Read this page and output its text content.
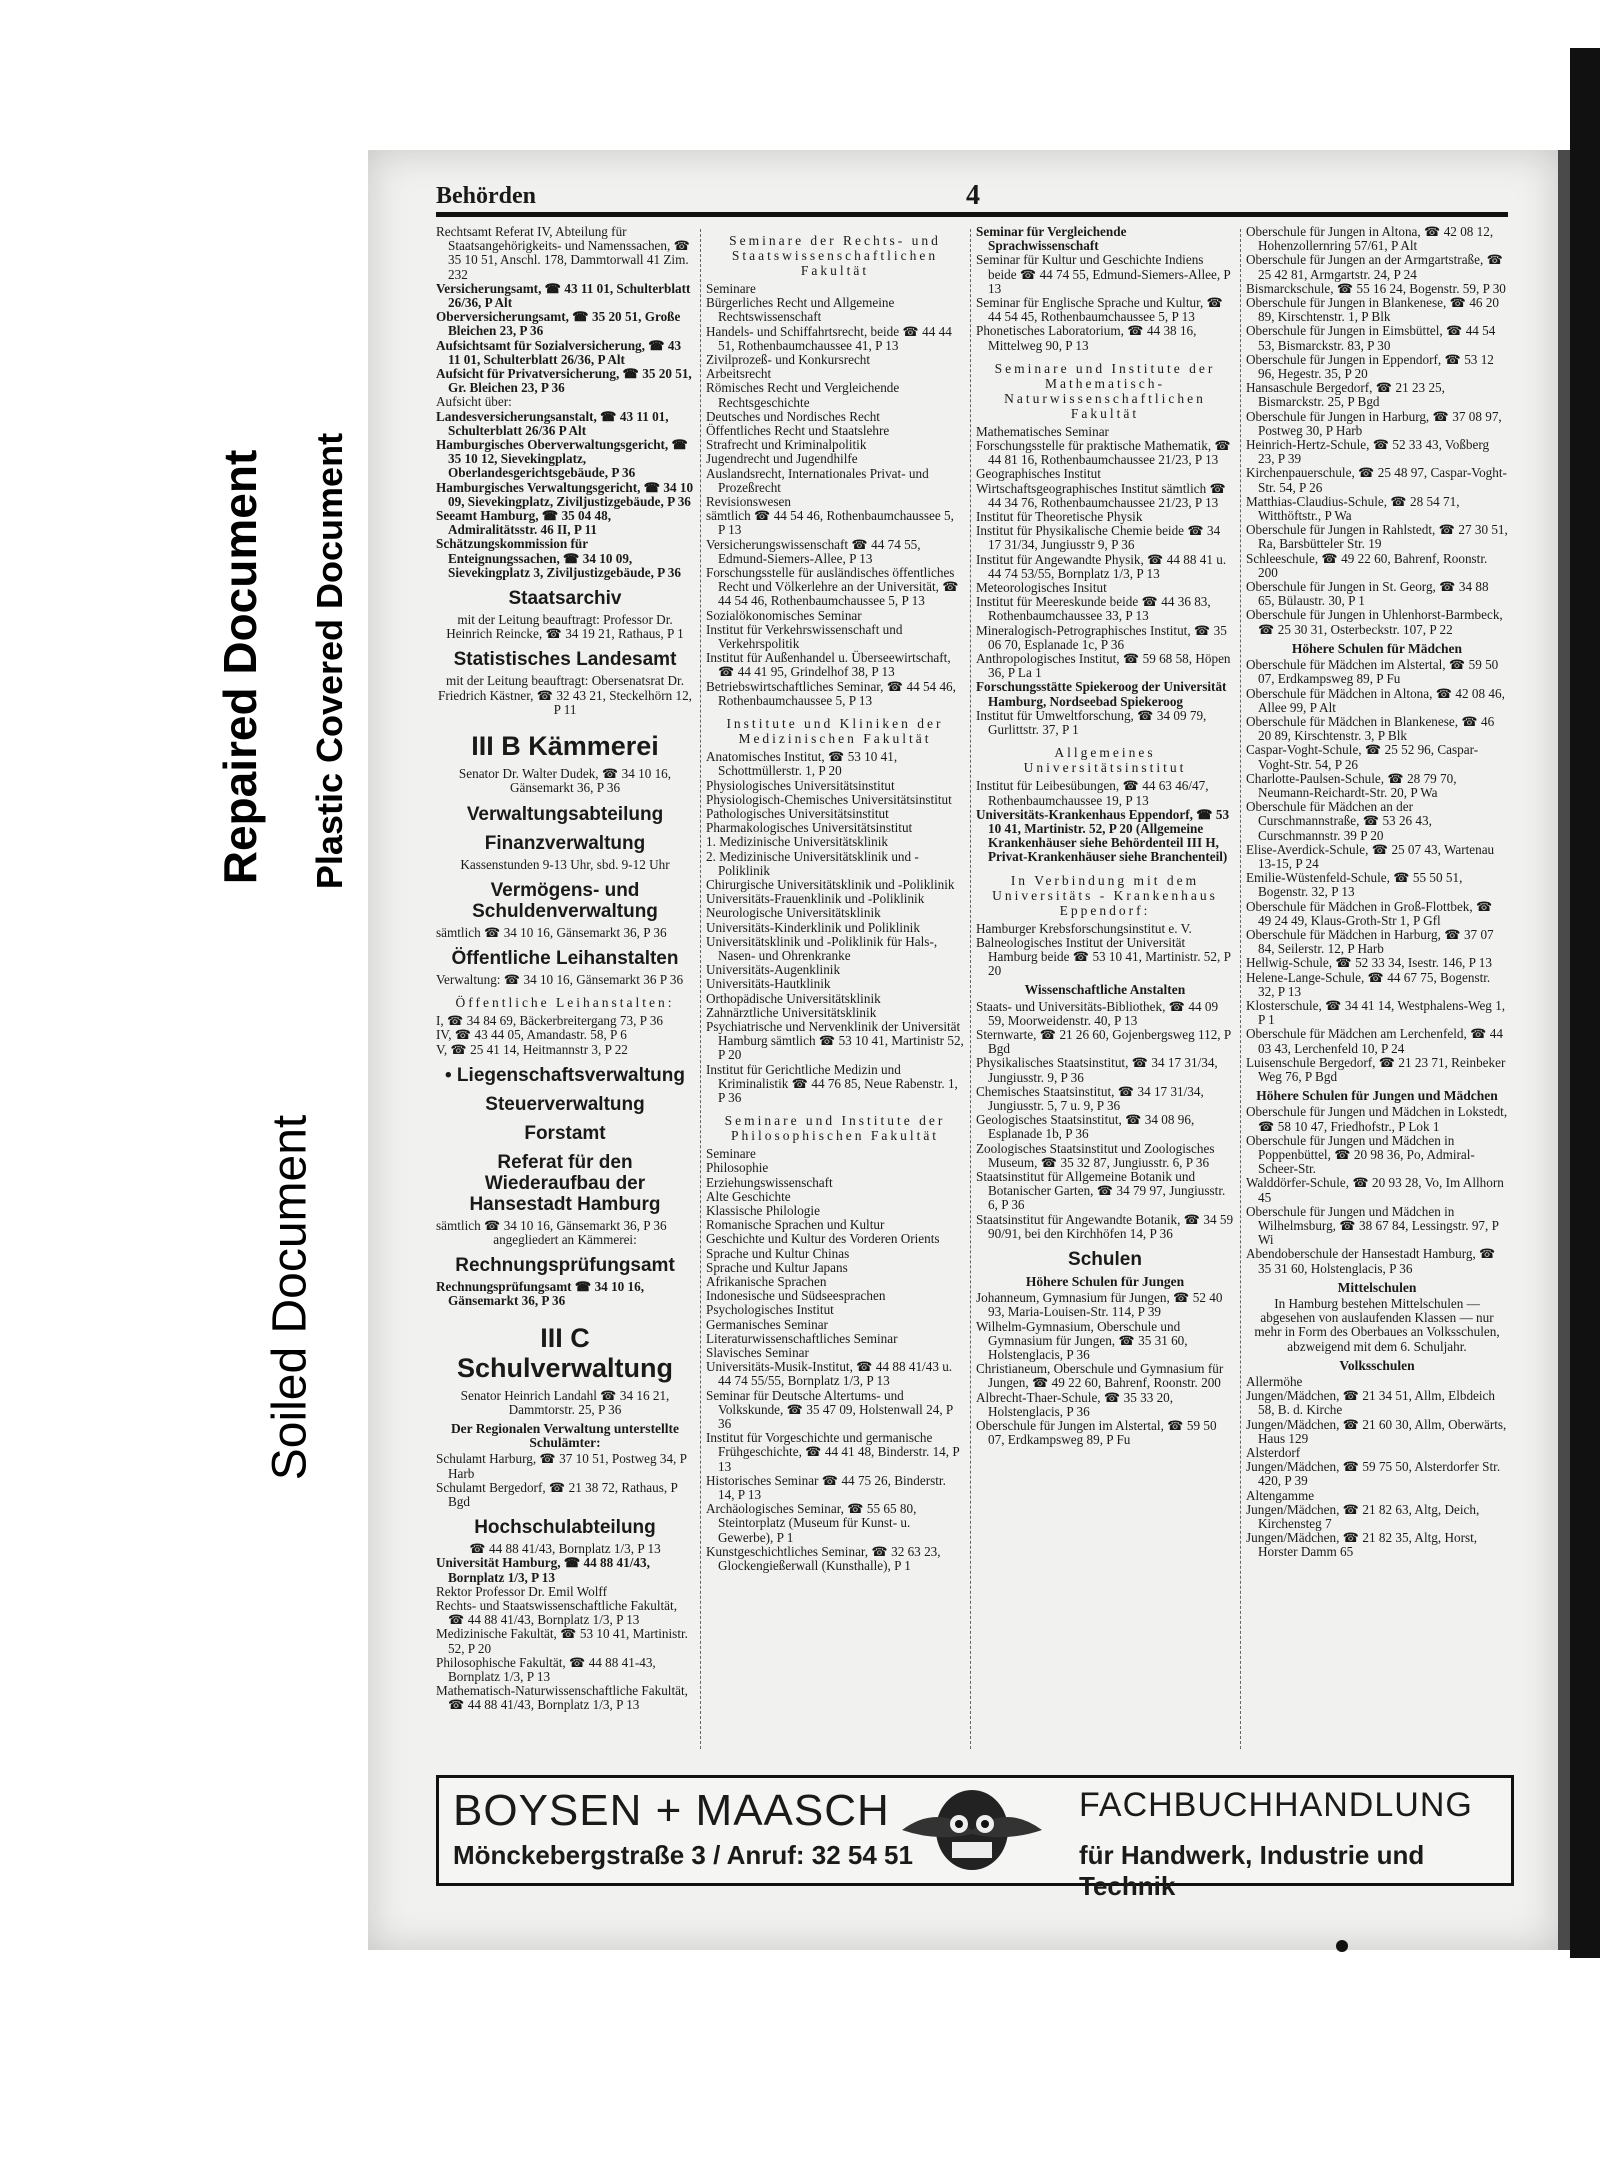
Repaired Document Plastic Covered Document
Soiled Document
Behörden	4

Rechtsamt Referat IV, Abteilung für Staatsangehörigkeits- und Namenssachen, ☎ 35 10 51, Anschl. 178, Dammtorwall 41 Zim. 232

Versicherungsamt, ☎ 43 11 01, Schulterblatt 26/36, P Alt

Oberversicherungsamt, ☎ 35 20 51, Große Bleichen 23, P 36

Aufsichtsamt für Sozialversicherung, ☎ 43 11 01, Schulterblatt 26/36, P Alt

Aufsicht für Privatversicherung, ☎ 35 20 51, Gr. Bleichen 23, P 36

Aufsicht über:

Landesversicherungsanstalt, ☎ 43 11 01, Schulterblatt 26/36 P Alt

Hamburgisches Oberverwaltungsgericht, ☎ 35 10 12, Sievekingplatz, Oberlandesgerichtsgebäude, P 36

Hamburgisches Verwaltungsgericht, ☎ 34 10 09, Sievekingplatz, Ziviljustizgebäude, P 36

Seeamt Hamburg, ☎ 35 04 48, Admiralitätsstr. 46 II, P 11

Schätzungskommission für Enteignungssachen, ☎ 34 10 09, Sievekingplatz 3, Ziviljustizgebäude, P 36

Staatsarchiv

mit der Leitung beauftragt: Professor Dr. Heinrich Reincke, ☎ 34 19 21, Rathaus, P 1

Statistisches Landesamt

mit der Leitung beauftragt: Obersenatsrat Dr. Friedrich Kästner, ☎ 32 43 21, Steckelhörn 12, P 11

III B Kämmerei

Senator Dr. Walter Dudek, ☎ 34 10 16, Gänsemarkt 36, P 36

Verwaltungsabteilung
Finanzverwaltung

Kassenstunden 9-13 Uhr, sbd. 9-12 Uhr

Vermögens- und Schuldenverwaltung

sämtlich ☎ 34 10 16, Gänsemarkt 36, P 36

Öffentliche Leihanstalten

Verwaltung: ☎ 34 10 16, Gänsemarkt 36 P 36

Öffentliche Leihanstalten:

I, ☎ 34 84 69, Bäckerbreitergang 73, P 36

IV, ☎ 43 44 05, Amandastr. 58, P 6

V, ☎ 25 41 14, Heitmannstr 3, P 22

• Liegenschaftsverwaltung
Steuerverwaltung
Forstamt
Referat für den Wiederaufbau der Hansestadt Hamburg

sämtlich ☎ 34 10 16, Gänsemarkt 36, P 36

angegliedert an Kämmerei:

Rechnungsprüfungsamt

Rechnungsprüfungsamt ☎ 34 10 16, Gänsemarkt 36, P 36

III C Schulverwaltung

Senator Heinrich Landahl ☎ 34 16 21, Dammtorstr. 25, P 36

Der Regionalen Verwaltung unterstellte Schulämter:

Schulamt Harburg, ☎ 37 10 51, Postweg 34, P Harb

Schulamt Bergedorf, ☎ 21 38 72, Rathaus, P Bgd

Hochschulabteilung

☎ 44 88 41/43, Bornplatz 1/3, P 13

Universität Hamburg, ☎ 44 88 41/43, Bornplatz 1/3, P 13

Rektor Professor Dr. Emil Wolff

Rechts- und Staatswissenschaftliche Fakultät, ☎ 44 88 41/43, Bornplatz 1/3, P 13

Medizinische Fakultät, ☎ 53 10 41, Martinistr. 52, P 20

Philosophische Fakultät, ☎ 44 88 41-43, Bornplatz 1/3, P 13

Mathematisch-Naturwissenschaftliche Fakultät, ☎ 44 88 41/43, Bornplatz 1/3, P 13

Seminare der Rechts- und Staatswissenschaftlichen Fakultät

Seminare

Bürgerliches Recht und Allgemeine Rechtswissenschaft

Handels- und Schiffahrtsrecht, beide ☎ 44 44 51, Rothenbaumchaussee 41, P 13

Zivilprozeß- und Konkursrecht

Arbeitsrecht

Römisches Recht und Vergleichende Rechtsgeschichte

Deutsches und Nordisches Recht

Öffentliches Recht und Staatslehre

Strafrecht und Kriminalpolitik

Jugendrecht und Jugendhilfe

Auslandsrecht, Internationales Privat- und Prozeßrecht

Revisionswesen

sämtlich ☎ 44 54 46, Rothenbaumchaussee 5, P 13

Versicherungswissenschaft ☎ 44 74 55, Edmund-Siemers-Allee, P 13

Forschungsstelle für ausländisches öffentliches Recht und Völkerlehre an der Universität, ☎ 44 54 46, Rothenbaumchaussee 5, P 13

Sozialökonomisches Seminar

Institut für Verkehrswissenschaft und Verkehrspolitik

Institut für Außenhandel u. Überseewirtschaft, ☎ 44 41 95, Grindelhof 38, P 13

Betriebswirtschaftliches Seminar, ☎ 44 54 46, Rothenbaumchaussee 5, P 13

Institute und Kliniken der Medizinischen Fakultät

Anatomisches Institut, ☎ 53 10 41, Schottmüllerstr. 1, P 20

Physiologisches Universitätsinstitut

Physiologisch-Chemisches Universitätsinstitut

Pathologisches Universitätsinstitut

Pharmakologisches Universitätsinstitut

1. Medizinische Universitätsklinik

2. Medizinische Universitätsklinik und -Poliklinik

Chirurgische Universitätsklinik und -Poliklinik

Universitäts-Frauenklinik und -Poliklinik

Neurologische Universitätsklinik

Universitäts-Kinderklinik und Poliklinik

Universitätsklinik und -Poliklinik für Hals-, Nasen- und Ohrenkranke

Universitäts-Augenklinik

Universitäts-Hautklinik

Orthopädische Universitätsklinik

Zahnärztliche Universitätsklinik

Psychiatrische und Nervenklinik der Universität Hamburg sämtlich ☎ 53 10 41, Martinistr 52, P 20

Institut für Gerichtliche Medizin und Kriminalistik ☎ 44 76 85, Neue Rabenstr. 1, P 36

Seminare und Institute der Philosophischen Fakultät

Seminare

Philosophie

Erziehungswissenschaft

Alte Geschichte

Klassische Philologie

Romanische Sprachen und Kultur

Geschichte und Kultur des Vorderen Orients

Sprache und Kultur Chinas

Sprache und Kultur Japans

Afrikanische Sprachen

Indonesische und Südseesprachen

Psychologisches Institut

Germanisches Seminar

Literaturwissenschaftliches Seminar

Slavisches Seminar

Universitäts-Musik-Institut, ☎ 44 88 41/43 u. 44 74 55/55, Bornplatz 1/3, P 13

Seminar für Deutsche Altertums- und Volkskunde, ☎ 35 47 09, Holstenwall 24, P 36

Institut für Vorgeschichte und germanische Frühgeschichte, ☎ 44 41 48, Binderstr. 14, P 13

Historisches Seminar ☎ 44 75 26, Binderstr. 14, P 13

Archäologisches Seminar, ☎ 55 65 80, Steintorplatz (Museum für Kunst- u. Gewerbe), P 1

Kunstgeschichtliches Seminar, ☎ 32 63 23, Glockengießerwall (Kunsthalle), P 1

Seminar für Vergleichende Sprachwissenschaft

Seminar für Kultur und Geschichte Indiens beide ☎ 44 74 55, Edmund-Siemers-Allee, P 13

Seminar für Englische Sprache und Kultur, ☎ 44 54 45, Rothenbaumchaussee 5, P 13

Phonetisches Laboratorium, ☎ 44 38 16, Mittelweg 90, P 13

Seminare und Institute der Mathematisch-Naturwissenschaftlichen Fakultät

Mathematisches Seminar

Forschungsstelle für praktische Mathematik, ☎ 44 81 16, Rothenbaumchaussee 21/23, P 13

Geographisches Institut

Wirtschaftsgeographisches Institut sämtlich ☎ 44 34 76, Rothenbaumchaussee 21/23, P 13

Institut für Theoretische Physik

Institut für Physikalische Chemie beide ☎ 34 17 31/34, Jungiusstr 9, P 36

Institut für Angewandte Physik, ☎ 44 88 41 u. 44 74 53/55, Bornplatz 1/3, P 13

Meteorologisches Insitut

Institut für Meereskunde beide ☎ 44 36 83, Rothenbaumchaussee 33, P 13

Mineralogisch-Petrographisches Institut, ☎ 35 06 70, Esplanade 1c, P 36

Anthropologisches Institut, ☎ 59 68 58, Höpen 36, P La 1

Forschungsstätte Spiekeroog der Universität Hamburg, Nordseebad Spiekeroog

Institut für Umweltforschung, ☎ 34 09 79, Gurlittstr. 37, P 1

Allgemeines Universitätsinstitut

Institut für Leibesübungen, ☎ 44 63 46/47, Rothenbaumchaussee 19, P 13

Universitäts-Krankenhaus Eppendorf, ☎ 53 10 41, Martinistr. 52, P 20 (Allgemeine Krankenhäuser siehe Behördenteil III H, Privat-Krankenhäuser siehe Branchenteil)

In Verbindung mit dem Universitäts - Krankenhaus Eppendorf:

Hamburger Krebsforschungsinstitut e. V.

Balneologisches Institut der Universität Hamburg beide ☎ 53 10 41, Martinistr. 52, P 20

Wissenschaftliche Anstalten

Staats- und Universitäts-Bibliothek, ☎ 44 09 59, Moorweidenstr. 40, P 13

Sternwarte, ☎ 21 26 60, Gojenbergsweg 112, P Bgd

Physikalisches Staatsinstitut, ☎ 34 17 31/34, Jungiusstr. 9, P 36

Chemisches Staatsinstitut, ☎ 34 17 31/34, Jungiusstr. 5, 7 u. 9, P 36

Geologisches Staatsinstitut, ☎ 34 08 96, Esplanade 1b, P 36

Zoologisches Staatsinstitut und Zoologisches Museum, ☎ 35 32 87, Jungiusstr. 6, P 36

Staatsinstitut für Allgemeine Botanik und Botanischer Garten, ☎ 34 79 97, Jungiusstr. 6, P 36

Staatsinstitut für Angewandte Botanik, ☎ 34 59 90/91, bei den Kirchhöfen 14, P 36

Schulen
Höhere Schulen für Jungen

Johanneum, Gymnasium für Jungen, ☎ 52 40 93, Maria-Louisen-Str. 114, P 39

Wilhelm-Gymnasium, Oberschule und Gymnasium für Jungen, ☎ 35 31 60, Holstenglacis, P 36

Christianeum, Oberschule und Gymnasium für Jungen, ☎ 49 22 60, Bahrenf, Roonstr. 200

Albrecht-Thaer-Schule, ☎ 35 33 20, Holstenglacis, P 36

Oberschule für Jungen im Alstertal, ☎ 59 50 07, Erdkampsweg 89, P Fu

Oberschule für Jungen in Altona, ☎ 42 08 12, Hohenzollernring 57/61, P Alt

Oberschule für Jungen an der Armgartstraße, ☎ 25 42 81, Armgartstr. 24, P 24

Bismarckschule, ☎ 55 16 24, Bogenstr. 59, P 30

Oberschule für Jungen in Blankenese, ☎ 46 20 89, Kirschtenstr. 1, P Blk

Oberschule für Jungen in Eimsbüttel, ☎ 44 54 53, Bismarckstr. 83, P 30

Oberschule für Jungen in Eppendorf, ☎ 53 12 96, Hegestr. 35, P 20

Hansaschule Bergedorf, ☎ 21 23 25, Bismarckstr. 25, P Bgd

Oberschule für Jungen in Harburg, ☎ 37 08 97, Postweg 30, P Harb

Heinrich-Hertz-Schule, ☎ 52 33 43, Voßberg 23, P 39

Kirchenpauerschule, ☎ 25 48 97, Caspar-Voght-Str. 54, P 26

Matthias-Claudius-Schule, ☎ 28 54 71, Witthöftstr., P Wa

Oberschule für Jungen in Rahlstedt, ☎ 27 30 51, Ra, Barsbütteler Str. 19

Schleeschule, ☎ 49 22 60, Bahrenf, Roonstr. 200

Oberschule für Jungen in St. Georg, ☎ 34 88 65, Bülaustr. 30, P 1

Oberschule für Jungen in Uhlenhorst-Barmbeck, ☎ 25 30 31, Osterbeckstr. 107, P 22

Höhere Schulen für Mädchen

Oberschule für Mädchen im Alstertal, ☎ 59 50 07, Erdkampsweg 89, P Fu

Oberschule für Mädchen in Altona, ☎ 42 08 46, Allee 99, P Alt

Oberschule für Mädchen in Blankenese, ☎ 46 20 89, Kirschtenstr. 3, P Blk

Caspar-Voght-Schule, ☎ 25 52 96, Caspar-Voght-Str. 54, P 26

Charlotte-Paulsen-Schule, ☎ 28 79 70, Neumann-Reichardt-Str. 20, P Wa

Oberschule für Mädchen an der Curschmannstraße, ☎ 53 26 43, Curschmannstr. 39 P 20

Elise-Averdick-Schule, ☎ 25 07 43, Wartenau 13-15, P 24

Emilie-Wüstenfeld-Schule, ☎ 55 50 51, Bogenstr. 32, P 13

Oberschule für Mädchen in Groß-Flottbek, ☎ 49 24 49, Klaus-Groth-Str 1, P Gfl

Oberschule für Mädchen in Harburg, ☎ 37 07 84, Seilerstr. 12, P Harb

Hellwig-Schule, ☎ 52 33 34, Isestr. 146, P 13

Helene-Lange-Schule, ☎ 44 67 75, Bogenstr. 32, P 13

Klosterschule, ☎ 34 41 14, Westphalens-Weg 1, P 1

Oberschule für Mädchen am Lerchenfeld, ☎ 44 03 43, Lerchenfeld 10, P 24

Luisenschule Bergedorf, ☎ 21 23 71, Reinbeker Weg 76, P Bgd

Höhere Schulen für Jungen und Mädchen

Oberschule für Jungen und Mädchen in Lokstedt, ☎ 58 10 47, Friedhofstr., P Lok 1

Oberschule für Jungen und Mädchen in Poppenbüttel, ☎ 20 98 36, Po, Admiral-Scheer-Str.

Walddörfer-Schule, ☎ 20 93 28, Vo, Im Allhorn 45

Oberschule für Jungen und Mädchen in Wilhelmsburg, ☎ 38 67 84, Lessingstr. 97, P Wi

Abendoberschule der Hansestadt Hamburg, ☎ 35 31 60, Holstenglacis, P 36

Mittelschulen

In Hamburg bestehen Mittelschulen — abgesehen von auslaufenden Klassen — nur mehr in Form des Oberbaues an Volksschulen, abzweigend mit dem 6. Schuljahr.

Volksschulen

Allermöhe

Jungen/Mädchen, ☎ 21 34 51, Allm, Elbdeich 58, B. d. Kirche

Jungen/Mädchen, ☎ 21 60 30, Allm, Oberwärts, Haus 129

Alsterdorf

Jungen/Mädchen, ☎ 59 75 50, Alsterdorfer Str. 420, P 39

Altengamme

Jungen/Mädchen, ☎ 21 82 63, Altg, Deich, Kirchensteg 7

Jungen/Mädchen, ☎ 21 82 35, Altg, Horst, Horster Damm 65

BOYSEN + MAASCH
Mönckebergstraße 3 / Anruf: 32 54 51
FACHBUCHHANDLUNG
für Handwerk, Industrie und Technik
